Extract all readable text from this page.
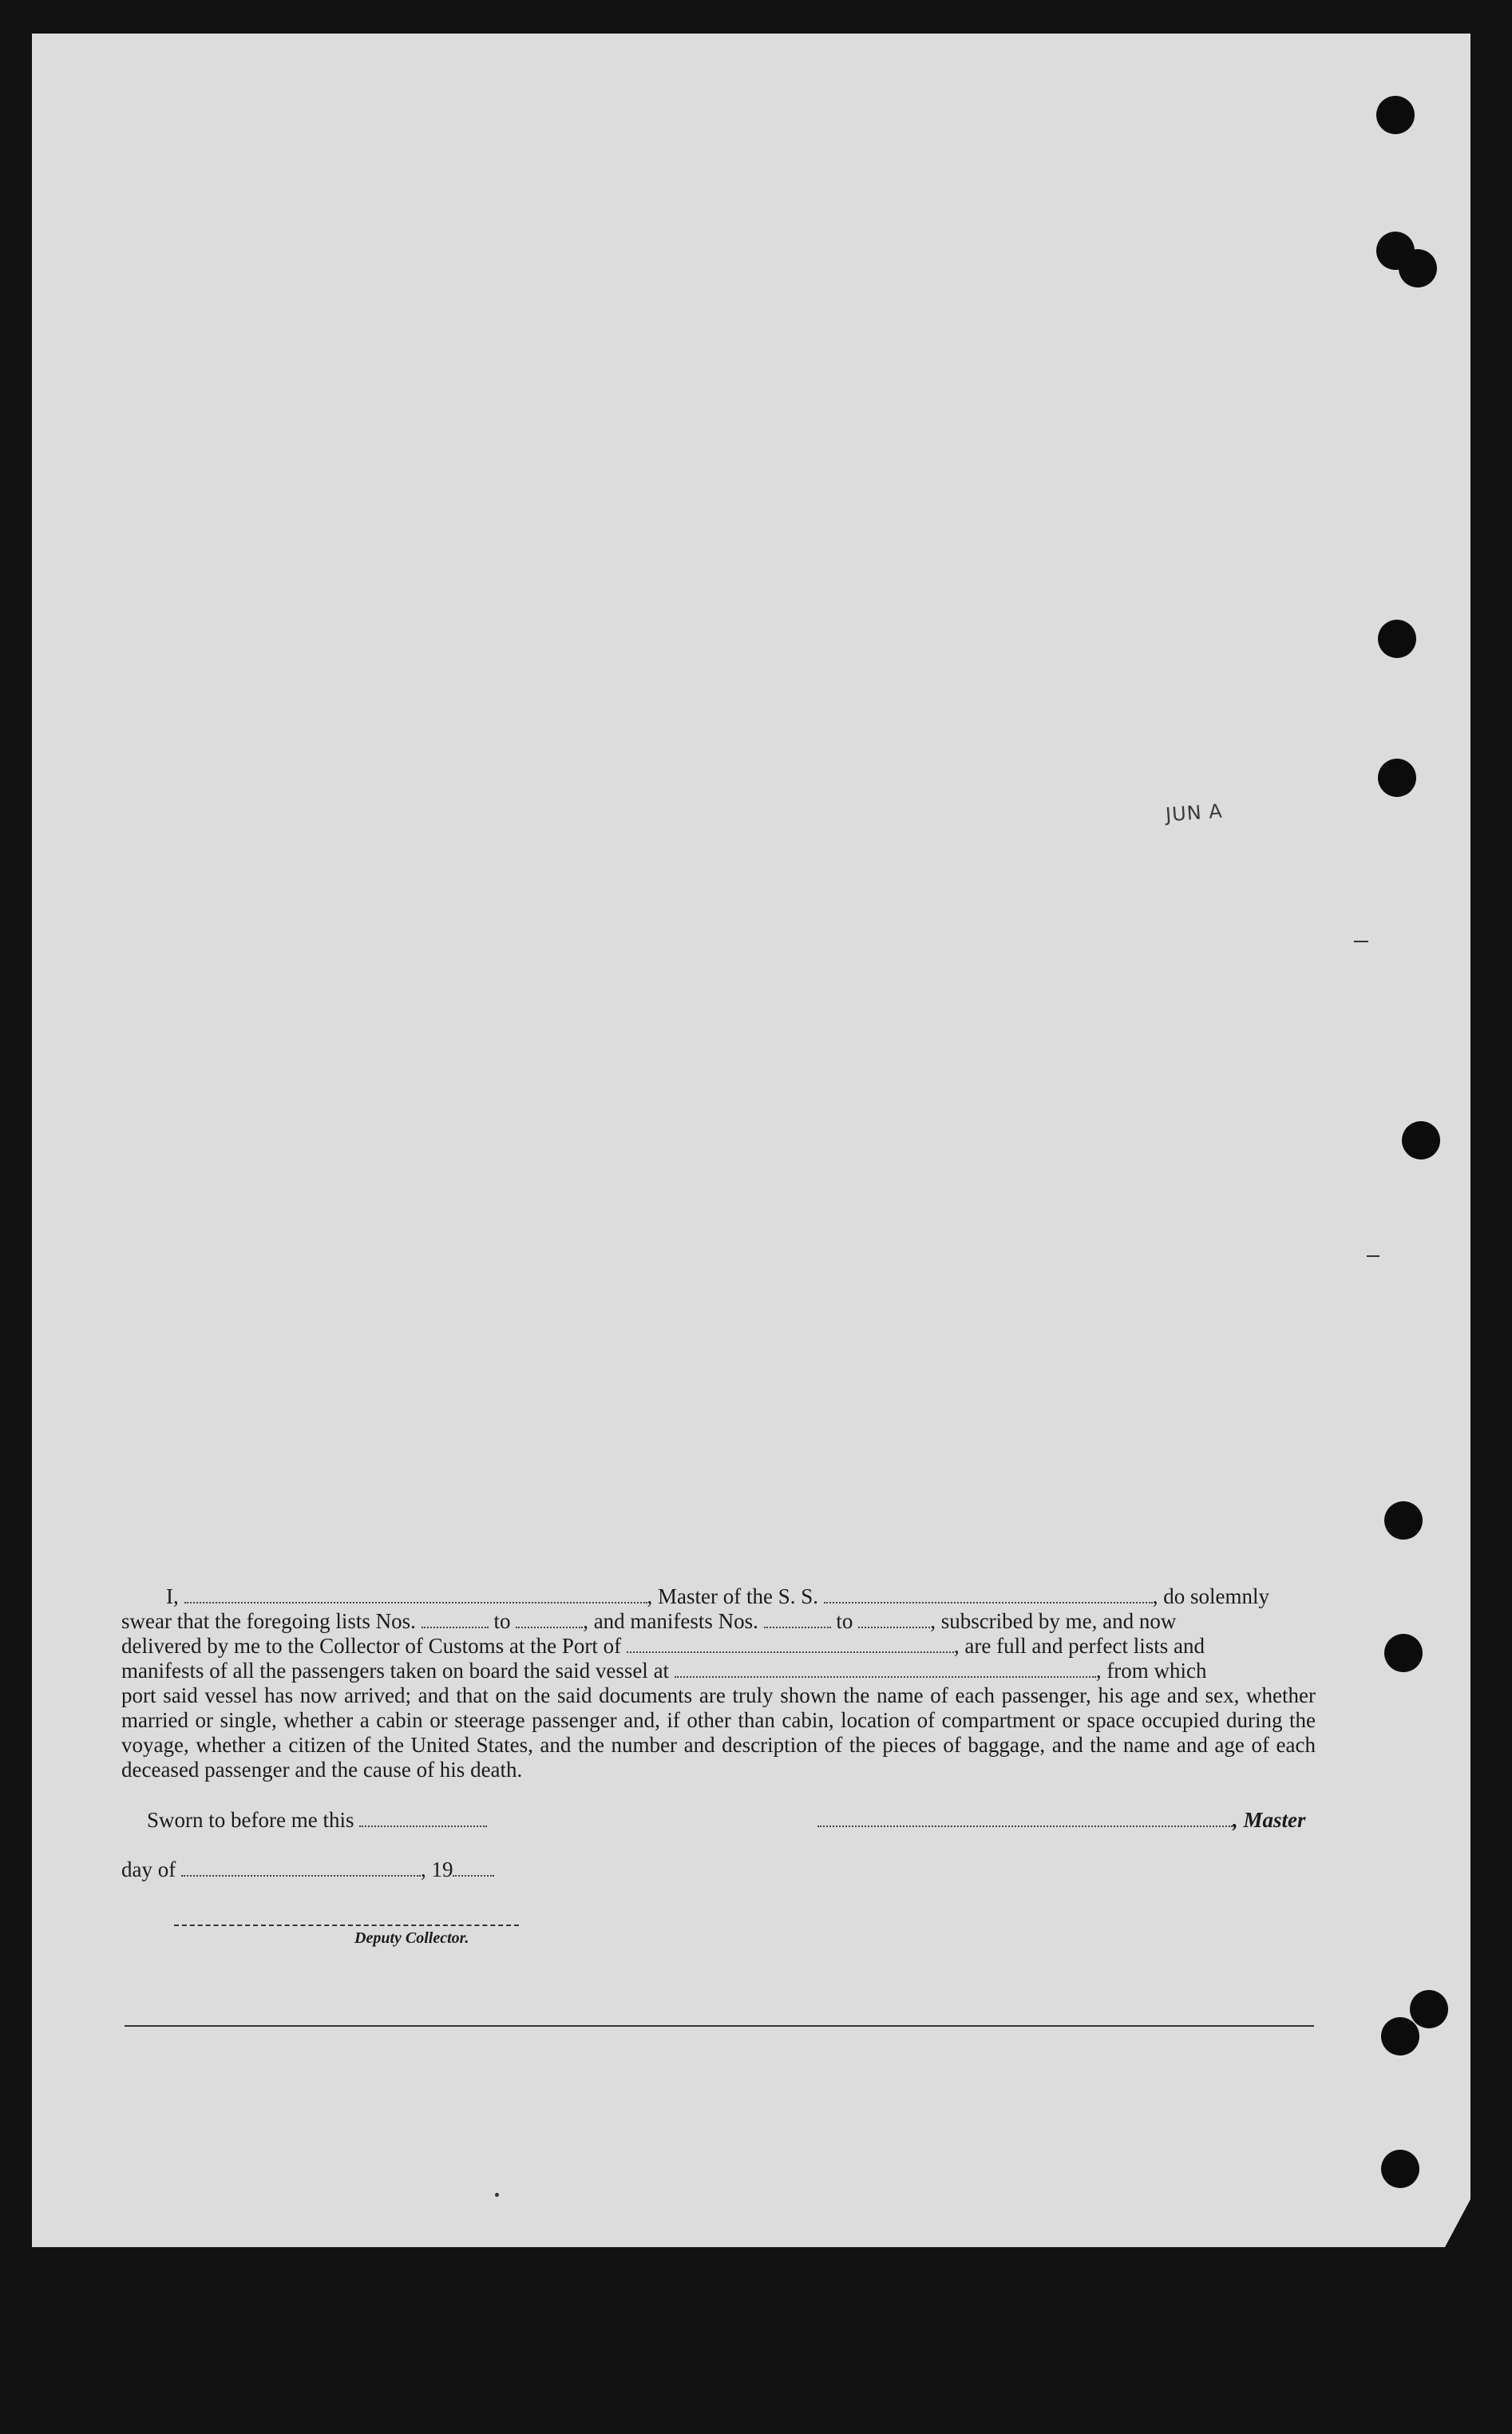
JUN A

I,	, Master of the S. S.	, do solemnly

swear that the foregoing lists Nos.	to	, and manifests Nos.	to	, subscribed by me, and now
delivered by me to the Collector of Customs at the Port of	, are full and perfect lists and
manifests of all the passengers taken on board the said vessel at	, from which
port said vessel has now arrived; and that on the said documents are truly shown the name of each passenger, his age and sex, whether married or single, whether a cabin or steerage passenger and, if other than cabin, location of compartment or space occupied during the voyage, whether a citizen of the United States, and the number and description of the pieces of baggage, and the name and age of each deceased passenger and the cause of his death.
Sworn to before me this	, Master
day of	, 19
Deputy Collector.
